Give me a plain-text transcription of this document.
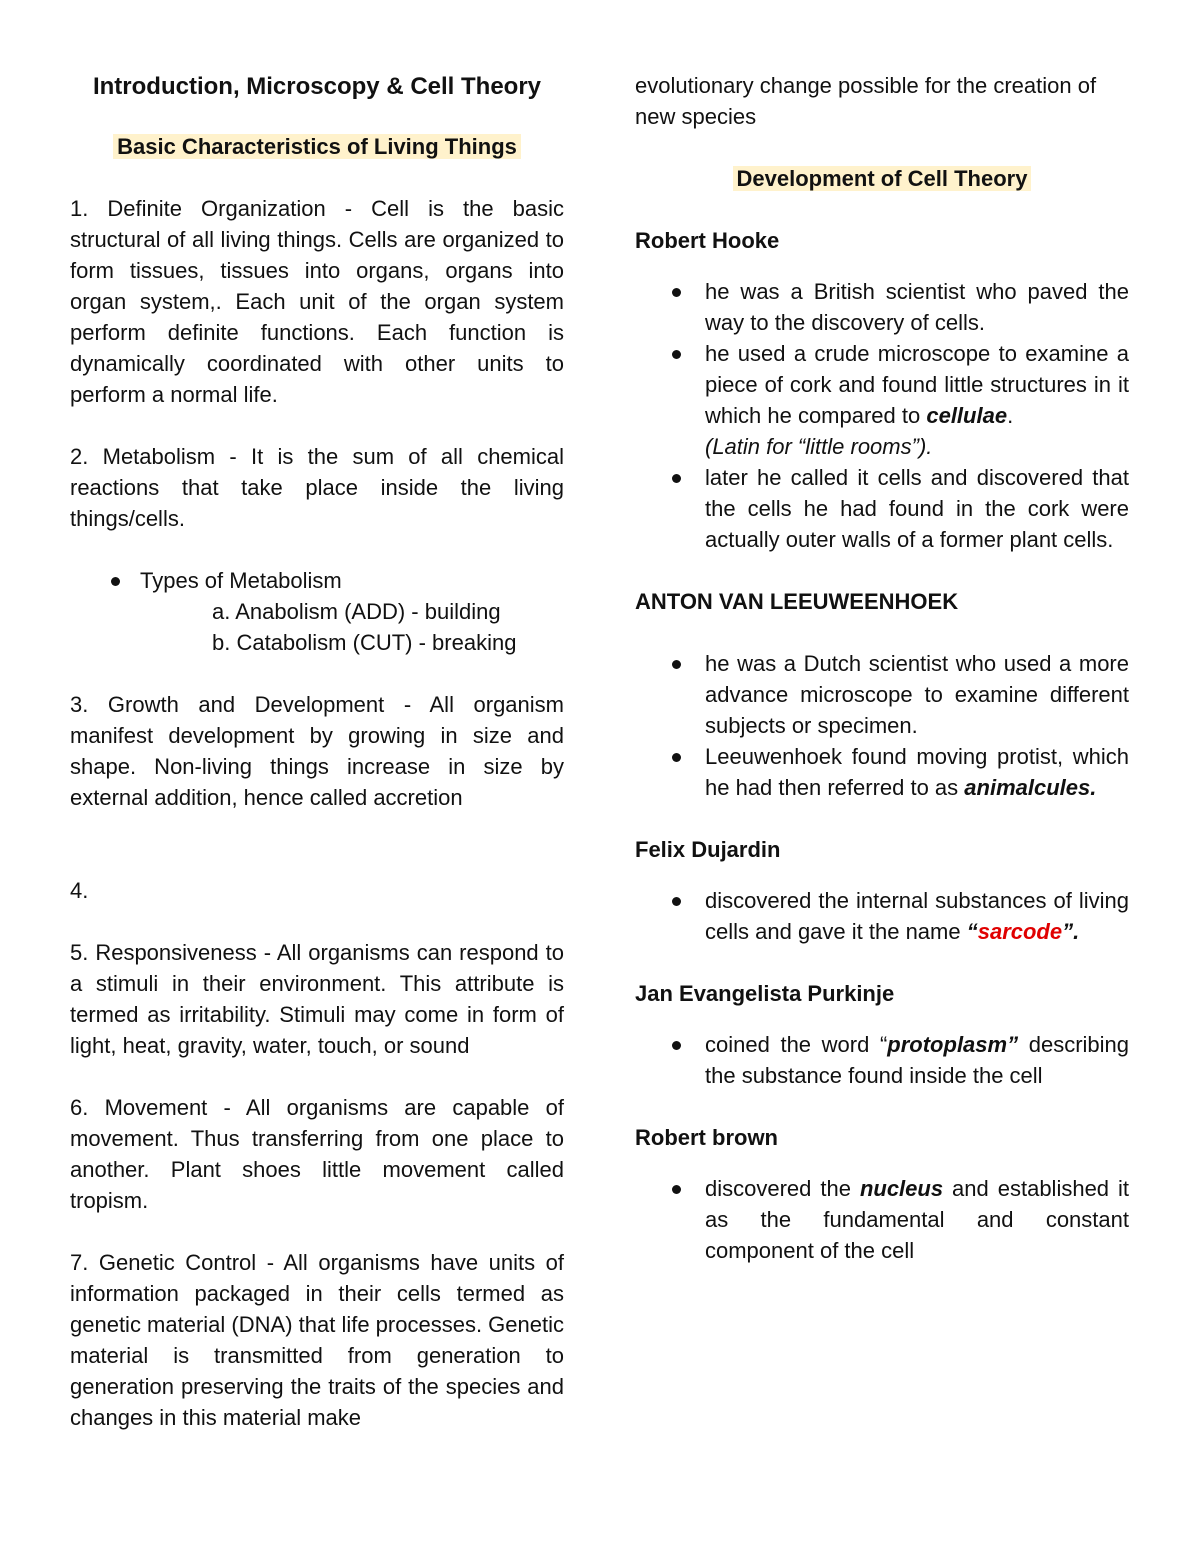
Introduction, Microscopy & Cell Theory

Basic Characteristics of Living Things

1. Definite Organization - Cell is the basic structural of all living things. Cells are organized to form tissues, tissues into organs, organs into organ system,. Each unit of the organ system perform definite functions. Each function is dynamically coordinated with other units to perform a normal life.

2. Metabolism - It is the sum of all chemical reactions that take place inside the living things/cells.

Types of Metabolism

a. Anabolism (ADD) - building

b. Catabolism (CUT) - breaking

3. Growth and Development - All organism manifest development by growing in size and shape. Non-living things increase in size by external addition, hence called accretion

4.

5. Responsiveness - All organisms can respond to a stimuli in their environment. This attribute is termed as irritability. Stimuli may come in form of light, heat, gravity, water, touch, or sound

6. Movement - All organisms are capable of movement. Thus transferring from one place to another. Plant shoes little movement called tropism.

7. Genetic Control - All organisms have units of information packaged in their cells termed as genetic material (DNA) that life processes. Genetic material is transmitted from generation to generation preserving the traits of the species and changes in this material make

evolutionary change possible for the creation of new species

Development of Cell Theory

Robert Hooke

he was a British scientist who paved the way to the discovery of cells.
he used a crude microscope to examine a piece of cork and found little structures in it which he compared to cellulae.
(Latin for “little rooms”).
later he called it cells and discovered that the cells he had found in the cork were actually outer walls of a former plant cells.

ANTON VAN LEEUWEENHOEK

he was a Dutch scientist who used a more advance microscope to examine different subjects or specimen.
Leeuwenhoek found moving protist, which he had then referred to as animalcules.

Felix Dujardin

discovered the internal substances of living cells and gave it the name “sarcode”.

Jan Evangelista Purkinje

coined the word “protoplasm” describing the substance found inside the cell

Robert brown

discovered the nucleus and established it as the fundamental and constant component of the cell
